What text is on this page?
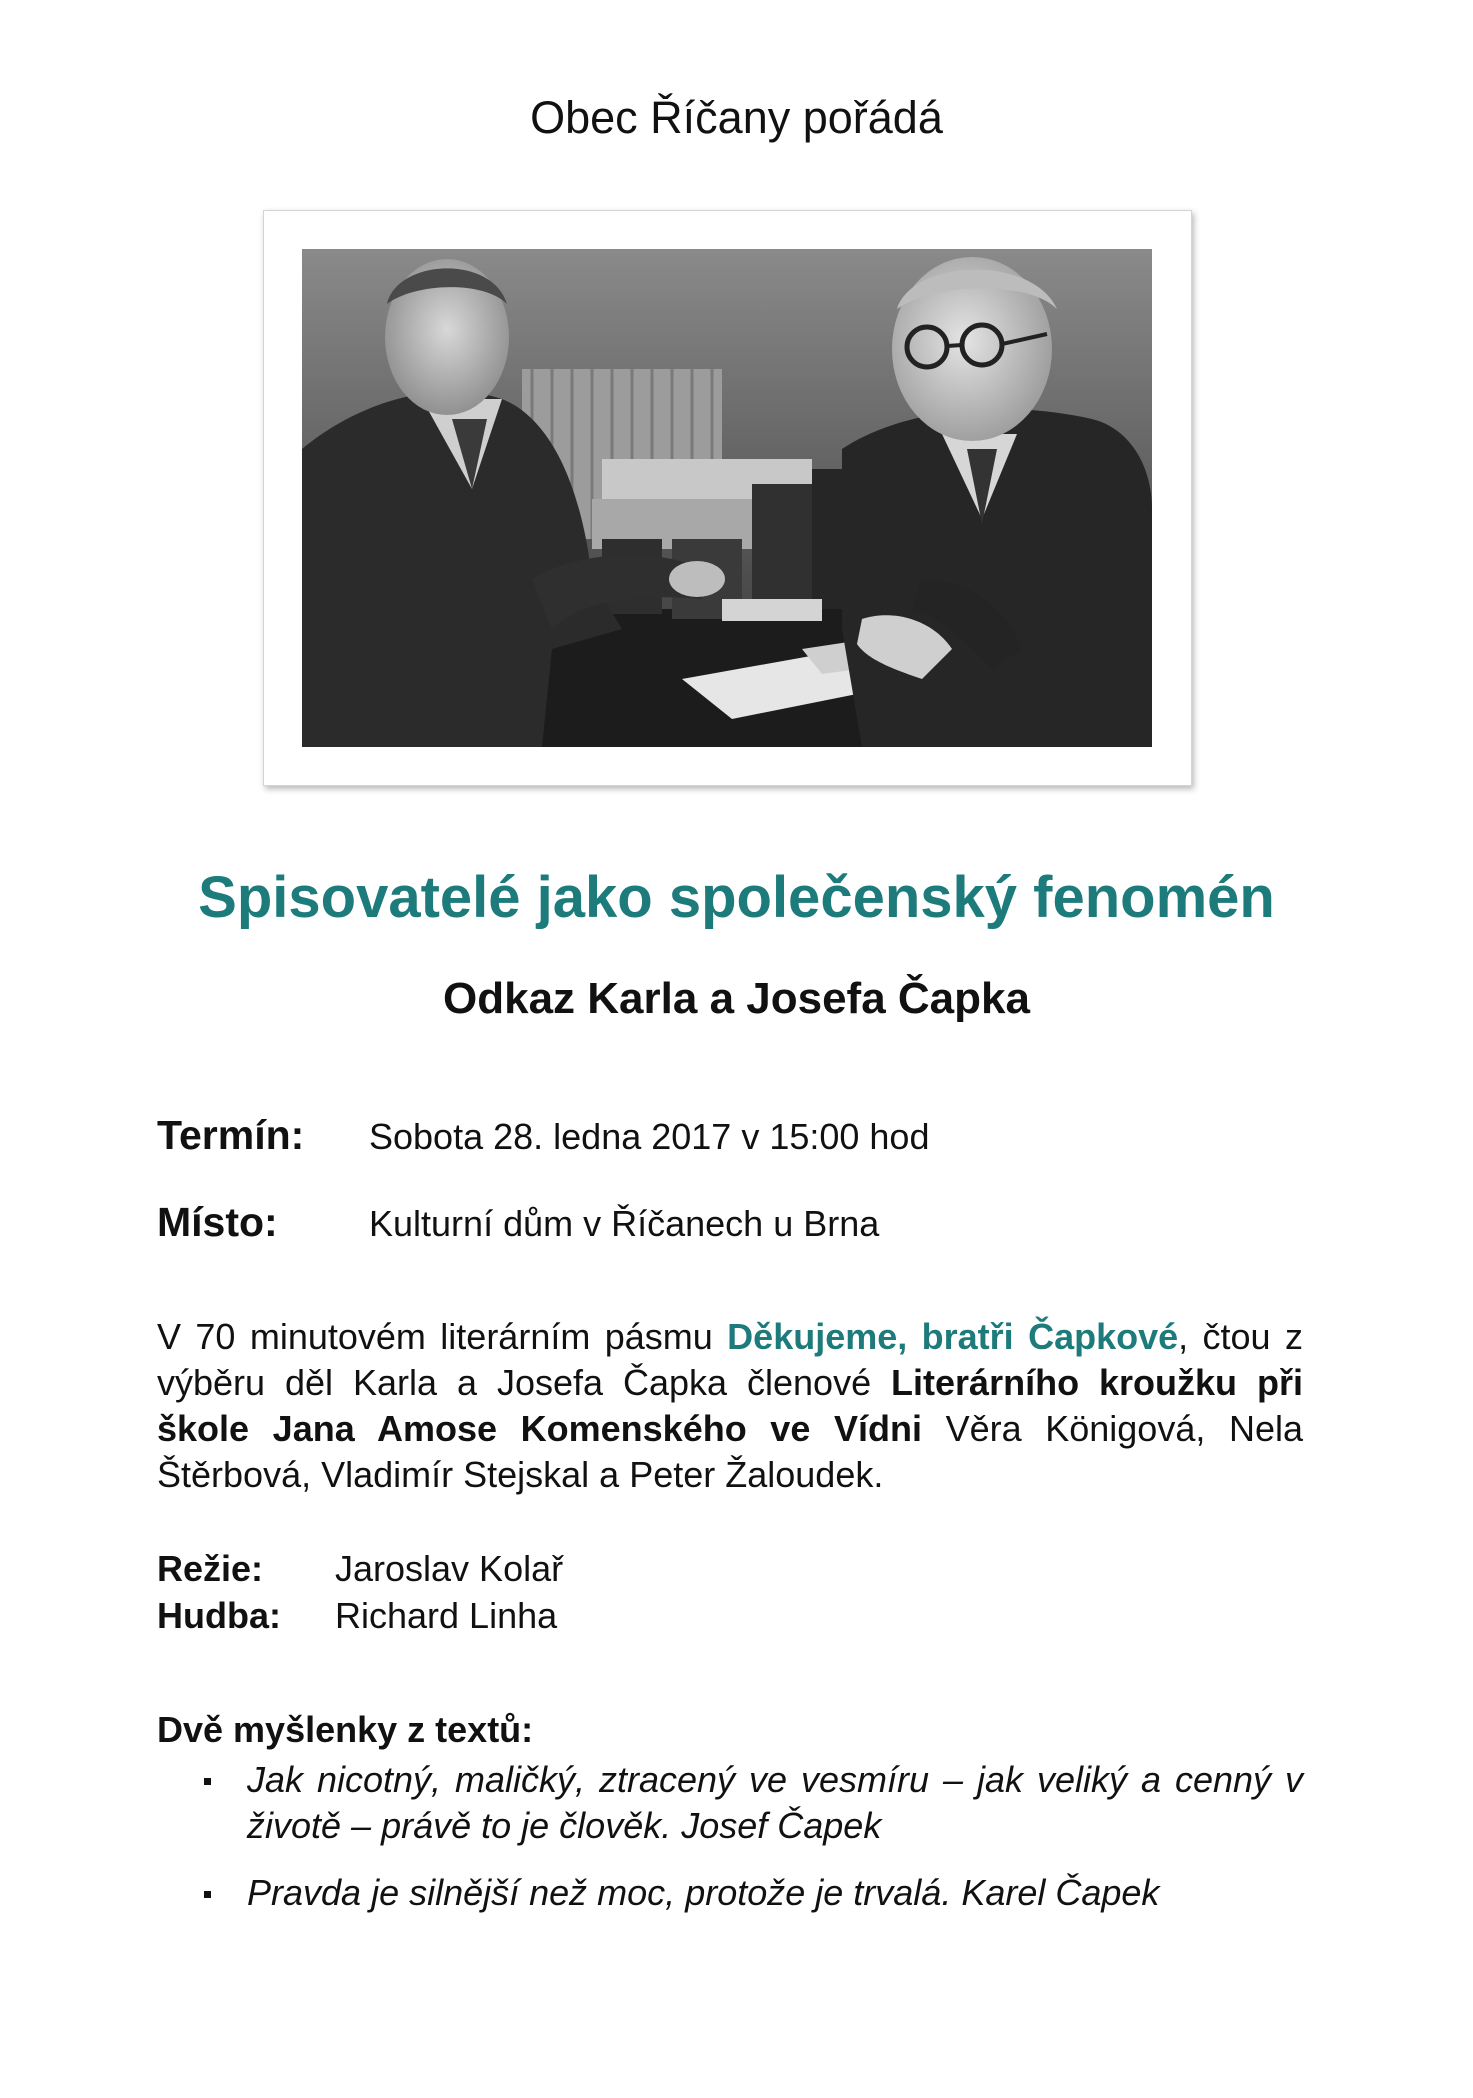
Obec Říčany pořádá
Spisovatelé jako společenský fenomén
Odkaz Karla a Josefa Čapka
Termín: Sobota 28. ledna 2017 v 15:00 hod
Místo:	Kulturní dům v Říčanech u Brna
V 70 minutovém literárním pásmu Děkujeme, bratři Čapkové, čtou z výběru děl Karla a Josefa Čapka členové Literárního kroužku při škole Jana Amose Komenského ve Vídni Věra Königová, Nela Štěrbová, Vladimír Stejskal a Peter Žaloudek.
Režie: Jaroslav Kolař
Hudba: Richard Linha
Dvě myšlenky z textů:
Jak nicotný, maličký, ztracený ve vesmíru – jak veliký a cenný v životě – právě to je člověk. Josef Čapek
Pravda je silnější než moc, protože je trvalá. Karel Čapek
